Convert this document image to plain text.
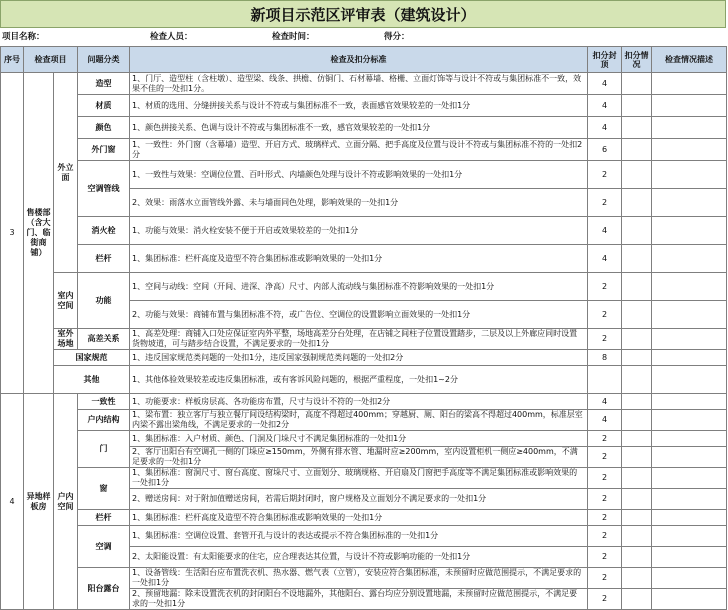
新项目示范区评审表（建筑设计）
项目名称：	检查人员：	检查时间：	得分：
序号	检查项目		问题分类	检查及扣分标准	扣分封顶	扣分情况	检查情况描述
3	售楼部（含大门、临街商铺）	外立面	造型	1、门厅、造型柱（含柱墩）、造型梁、线条、拱檐、仿铜门、石材幕墙、格栅、立面灯饰等与设计不符或与集团标准不一致，效果不佳的一处扣1分。	4		
			材质	1、材质的选用、分缝拼接关系与设计不符或与集团标准不一致，表面感官效果较差的一处扣1分	4		
			颜色	1、颜色拼接关系、色调与设计不符或与集团标准不一致，感官效果较差的一处扣1分	4		
			外门窗	1、一致性：外门窗（含幕墙）造型、开启方式、玻璃样式、立面分隔、把手高度及位置与设计不符或与集团标准不符的一处扣2分	6		
			空调管线	1、一致性与效果：空调位位置、百叶形式、内墙颜色处理与设计不符或影响效果的一处扣1分	2		
				2、效果：雨落水立面管线外露、未与墙面同色处理，影响效果的一处扣1分	2		
			消火栓	1、功能与效果：消火栓安装不便于开启或效果较差的一处扣1分	4		
			栏杆	1、集团标准：栏杆高度及造型不符合集团标准或影响效果的一处扣1分	4		
		室内空间	功能	1、空间与动线：空间（开间、进深、净高）尺寸、内部人流动线与集团标准不符影响效果的一处扣1分	2		
				2、功能与效果：商铺布置与集团标准不符，或广告位、空调位的设置影响立面效果的一处扣1分	2		
		室外场地	高差关系	1、高差处理：商铺入口处应保证室内外平整，场地高差分台处理，在店铺之间柱子位置设置踏步，二层及以上外廊应同时设置货物坡道，可与踏步结合设置，不满足要求的一处扣1分	2		
		国家规范		1、违反国家规范类问题的一处扣1分，违反国家强制规范类问题的一处扣2分	8		
		其他		1、其他体验效果较差或违反集团标准，或有客诉风险问题的，根据严重程度，一处扣1~2分			
4	异地样板房	户内空间	一致性	1、功能要求：样板房层高、各功能房布置，尺寸与设计不符的一处扣2分	4		
			户内结构	1、梁布置：独立客厅与独立餐厅间设结构梁时，高度不得超过400mm；穿越厨、厕、阳台的梁高不得超过400mm，标准层室内梁不露出梁角线，不满足要求的一处扣2分	4		
			门	1、集团标准：入户材质、颜色、门洞及门垛尺寸不满足集团标准的一处扣1分	2		
				2、客厅出阳台有空调孔一侧的门垛应≥150mm，外侧有排水管、地漏时应≥200mm，室内设置柜机一侧应≥400mm，不满足要求的一处扣1分	2		
			窗	1、集团标准：窗洞尺寸、窗台高度、窗垛尺寸、立面划分、玻璃规格、开启扇及门窗把手高度等不满足集团标准或影响效果的一处扣1分	2		
				2、赠送房间：对于附加值赠送房间，若需后期封闭时，窗户规格及立面划分不满足要求的一处扣1分	2		
			栏杆	1、集团标准：栏杆高度及造型不符合集团标准或影响效果的一处扣1分	2		
			空调	1、集团标准：空调位设置、套管开孔与设计的表达或提示不符合集团标准的一处扣1分	2		
				2、太阳能设置：有太阳能要求的住宅，应合理表达其位置，与设计不符或影响功能的一处扣1分	2		
			阳台露台	1、设备管线：生活阳台应布置洗衣机、热水器、燃气表（立管），安装应符合集团标准，未预留时应做范围提示，不满足要求的一处扣1分	2		
				2、预留地漏：除未设置洗衣机的封闭阳台不设地漏外，其他阳台、露台均应分别设置地漏，未预留时应做范围提示，不满足要求的一处扣1分	2		
